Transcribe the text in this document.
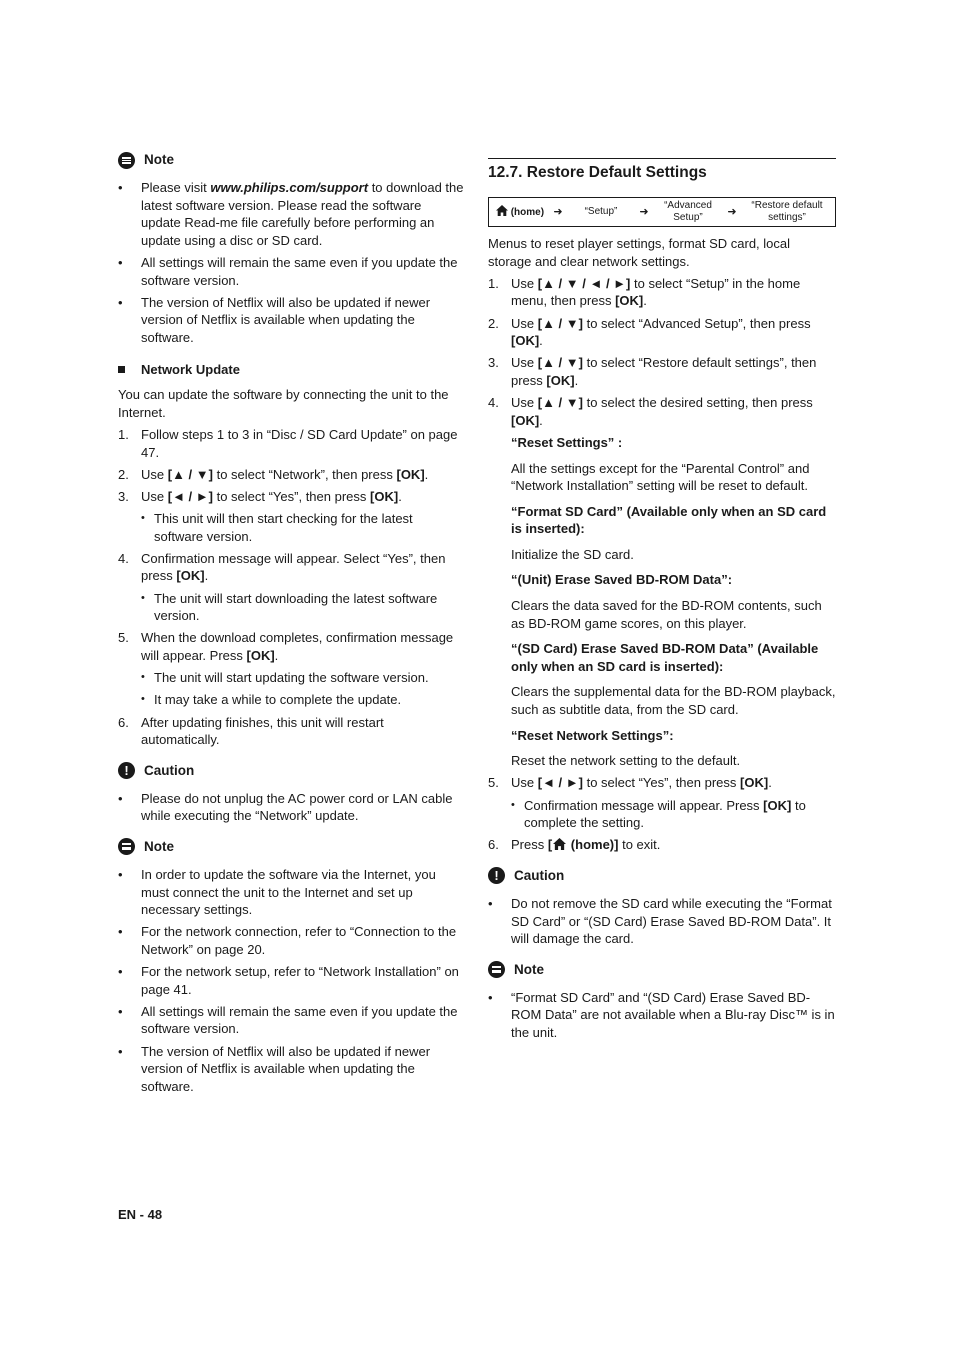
Note
• Please visit www.philips.com/support to download the latest software version. Please read the software update Read-me file carefully before performing an update using a disc or SD card.
• All settings will remain the same even if you update the software version.
• The version of Netflix will also be updated if newer version of Netflix is available when updating the software.
Network Update

You can update the software by connecting the unit to the Internet.

1. Follow steps 1 to 3 in “Disc / SD Card Update” on page 47.
2. Use [▲ / ▼] to select “Network”, then press [OK].
3. Use [◄ / ►] to select “Yes”, then press [OK].
• This unit will then start checking for the latest software version.
4. Confirmation message will appear. Select “Yes”, then press [OK].
• The unit will start downloading the latest software version.
5. When the download completes, confirmation message will appear. Press [OK].
• The unit will start updating the software version.
• It may take a while to complete the update.
6. After updating finishes, this unit will restart automatically.
! Caution
• Please do not unplug the AC power cord or LAN cable while executing the “Network” update.
Note
• In order to update the software via the Internet, you must connect the unit to the Internet and set up necessary settings.
• For the network connection, refer to “Connection to the Network” on page 20.
• For the network setup, refer to “Network Installation” on page 41.
• All settings will remain the same even if you update the software version.
• The version of Netflix will also be updated if newer version of Netflix is available when updating the software.
12.7. Restore Default Settings
(home) ➜	“Setup”	➜
“Advanced Setup”	➜
“Restore default settings”

Menus to reset player settings, format SD card, local storage and clear network settings.

1. Use [▲ / ▼ / ◄ / ►] to select “Setup” in the home menu, then press [OK].
2. Use [▲ / ▼] to select “Advanced Setup”, then press [OK].
3. Use [▲ / ▼] to select “Restore default settings”, then press [OK].
4. Use [▲ / ▼] to select the desired setting, then press [OK].

“Reset Settings” :

All the settings except for the “Parental Control” and “Network Installation” setting will be reset to default.

“Format SD Card” (Available only when an SD card is inserted):

Initialize the SD card.

“(Unit) Erase Saved BD-ROM Data”:

Clears the data saved for the BD-ROM contents, such as BD-ROM game scores, on this player.

“(SD Card) Erase Saved BD-ROM Data” (Available only when an SD card is inserted):

Clears the supplemental data for the BD-ROM playback, such as subtitle data, from the SD card.

“Reset Network Settings”:

Reset the network setting to the default.

5. Use [◄ / ►] to select “Yes”, then press [OK].
• Confirmation message will appear. Press [OK] to complete the setting.
6. Press [ (home)] to exit.
! Caution
• Do not remove the SD card while executing the “Format SD Card” or “(SD Card) Erase Saved BD-ROM Data”. It will damage the card.
Note
• “Format SD Card” and “(SD Card) Erase Saved BD-ROM Data” are not available when a Blu-ray Disc™ is in the unit.
EN - 48
